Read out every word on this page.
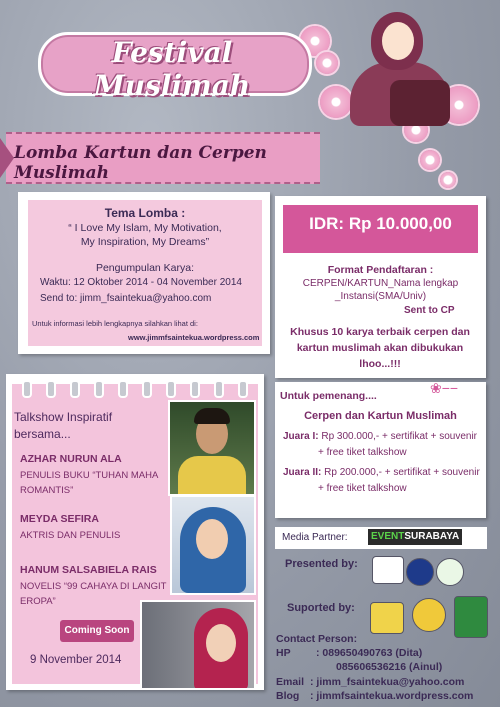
Festival Muslimah
Lomba Kartun dan Cerpen Muslimah
Tema Lomba :
“ I Love My Islam, My Motivation,
My Inspiration, My Dreams”
Pengumpulan Karya:
Waktu: 12 Oktober 2014 - 04 November 2014
Send to: jimm_fsaintekua@yahoo.com
Untuk informasi lebih lengkapnya silahkan lihat di:
www.jimmfsaintekua.wordpress.com
IDR: Rp 10.000,00
Format Pendaftaran :
CERPEN/KARTUN_Nama lengkap
_Instansi(SMA/Univ)
Sent to CP
Khusus 10 karya terbaik cerpen dan
kartun muslimah akan dibukukan
lhoo...!!!
❀−−
Untuk pemenang....
Cerpen dan Kartun Muslimah
Juara I: Rp 300.000,- + sertifikat + souvenir
+ free tiket talkshow
Juara II: Rp 200.000,- + sertifikat + souvenir
+ free tiket talkshow
Media Partner:	EVENTSURABAYA
Presented by:
Suported by:
Contact Person:
HP : 089650490763 (Dita)
085606536216 (Ainul)
Email : jimm_fsaintekua@yahoo.com
Blog : jimmfsaintekua.wordpress.com
Talkshow Inspiratif
bersama...
AZHAR NURUN ALA
PENULIS BUKU “TUHAN MAHA
ROMANTIS”
MEYDA SEFIRA
AKTRIS DAN PENULIS
HANUM SALSABIELA RAIS
NOVELIS “99 CAHAYA DI LANGIT
EROPA”
Coming Soon
9 November 2014
